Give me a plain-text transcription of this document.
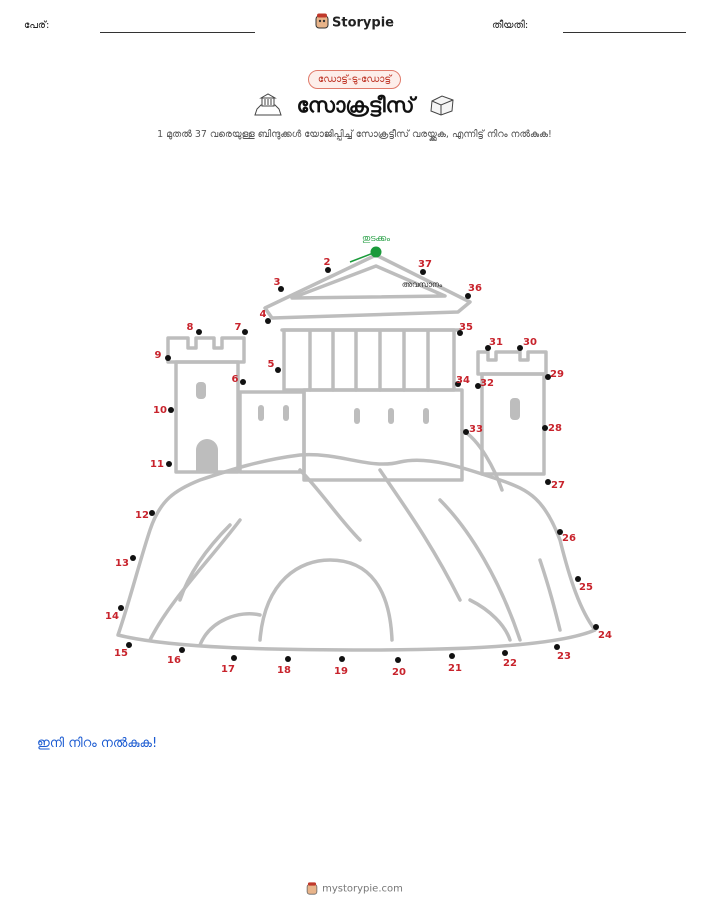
പേര്:	Storypie	തീയതി:
ഡോട്ട്-ടു-ഡോട്ട്
സോക്രട്ടീസ്
1 മുതൽ 37 വരെയുള്ള ബിന്ദുക്കൾ യോജിപ്പിച്ച് സോക്രട്ടീസ് വരയ്ക്കുക, എന്നിട്ട് നിറം നൽകുക!
തുടക്കം
അവസാനം
2
3
4
5
6
7
8
9
10
11
12
13
14
15
16
17	18	19	20	21	22
23
24
25
26
27
28
29
30
31
32
33
34
35
36
37
ഇനി നിറം നൽകുക!
mystorypie.com
